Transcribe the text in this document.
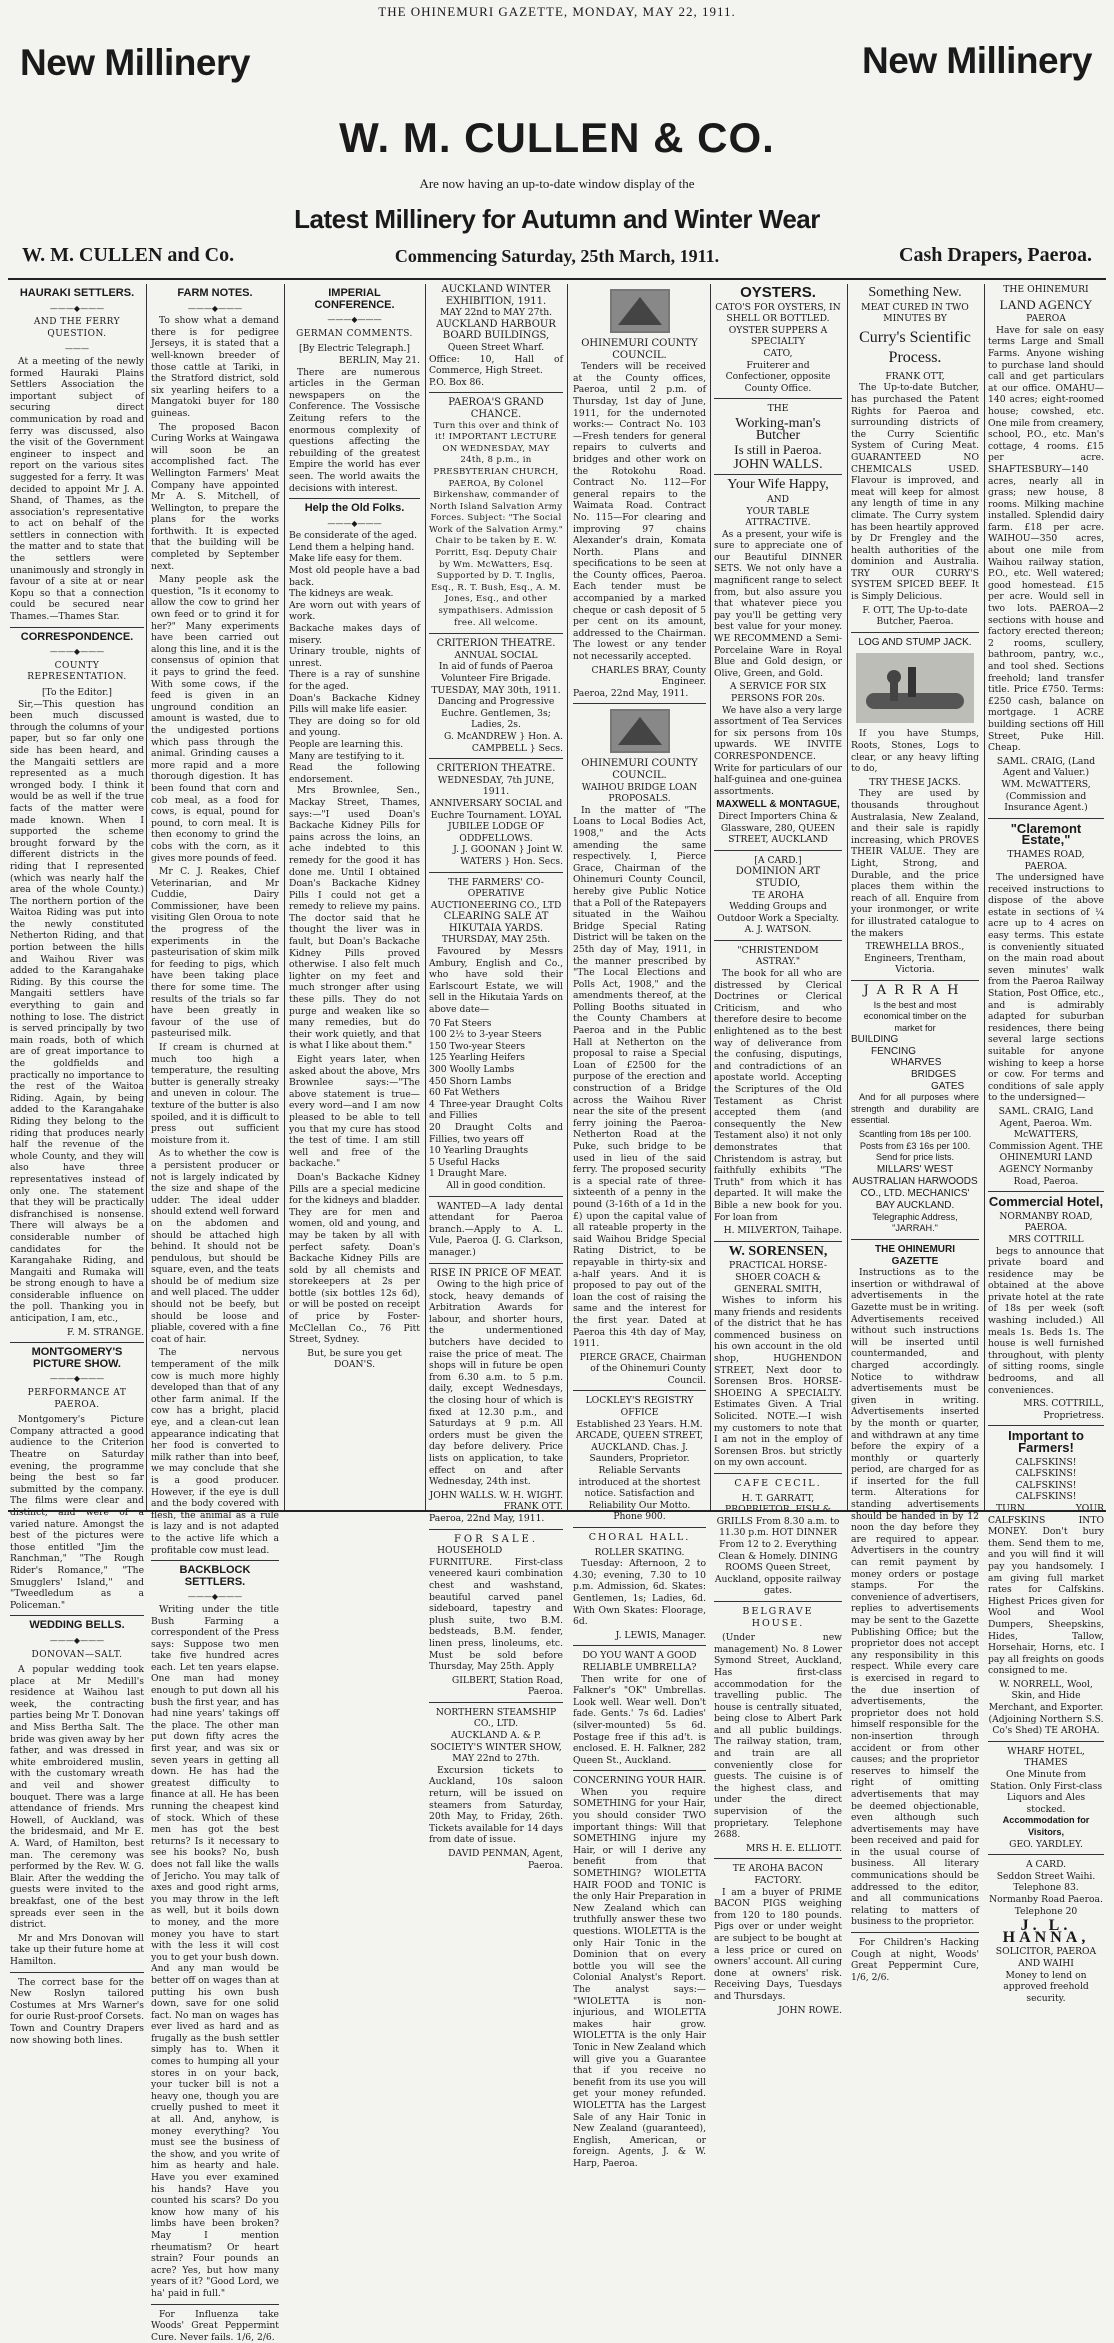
THE OHINEMURI GAZETTE, MONDAY, MAY 22, 1911.
New Millinery	New Millinery
W. M. CULLEN & CO.
Are now having an up-to-date window display of the
Latest Millinery for Autumn and Winter Wear
Commencing Saturday, 25th March, 1911.
W. M. CULLEN and Co.	Cash Drapers, Paeroa.
HAURAKI SETTLERS.
———◆———
AND THE FERRY QUESTION.
———

At a meeting of the newly formed Hauraki Plains Settlers Association the important subject of securing direct communication by road and ferry was discussed, also the visit of the Government engineer to inspect and report on the various sites suggested for a ferry. It was decided to appoint Mr J. A. Shand, of Thames, as the association's representative to act on behalf of the settlers in connection with the matter and to state that the settlers were unanimously and strongly in favour of a site at or near Kopu so that a connection could be secured near Thames.—Thames Star.

CORRESPONDENCE.
———◆———
COUNTY REPRESENTATION.
[To the Editor.]

Sir,—This question has been much discussed through the columns of your paper, but so far only one side has been heard, and the Mangaiti settlers are represented as a much wronged body. I think it would be as well if the true facts of the matter were made known. When I supported the scheme brought forward by the different districts in the riding that I represented (which was nearly half the area of the whole County.) The northern portion of the Waitoa Riding was put into the newly constituted Netherton Riding, and that portion between the hills and Waihou River was added to the Karangahake Riding. By this course the Mangaiti settlers have everything to gain and nothing to lose. The district is served principally by two main roads, both of which are of great importance to the goldfields and practically no importance to the rest of the Waitoa Riding. Again, by being added to the Karangahake Riding they belong to the riding that produces nearly half the revenue of the whole County, and they will also have three representatives instead of only one. The statement that they will be practically disfranchised is nonsense. There will always be a considerable number of candidates for the Karangahake Riding, and Mangaiti and Rumaka will be strong enough to have a considerable influence on the poll. Thanking you in anticipation, I am, etc.,

F. M. STRANGE.
MONTGOMERY'S PICTURE SHOW.
———◆———
PERFORMANCE AT PAEROA.

Montgomery's Picture Company attracted a good audience to the Criterion Theatre on Saturday evening, the programme being the best so far submitted by the company. The films were clear and distinct, and were of a varied nature. Amongst the best of the pictures were those entitled "Jim the Ranchman," "The Rough Rider's Romance," "The Smugglers' Island," and "Tweedledum as a Policeman."

WEDDING BELLS.
———◆———
DONOVAN—SALT.

A popular wedding took place at Mr Medill's residence at Waihou last week, the contracting parties being Mr T. Donovan and Miss Bertha Salt. The bride was given away by her father, and was dressed in white embroidered muslin, with the customary wreath and veil and shower bouquet. There was a large attendance of friends. Mrs Howell, of Auckland, was the bridesmaid, and Mr E. A. Ward, of Hamilton, best man. The ceremony was performed by the Rev. W. G. Blair. After the wedding the guests were invited to the breakfast, one of the best spreads ever seen in the district.

Mr and Mrs Donovan will take up their future home at Hamilton.

The correct base for the New Roslyn tailored Costumes at Mrs Warner's for ourie Rust-proof Corsets. Town and Country Drapers now showing both lines.

FARM NOTES.
———◆———

To show what a demand there is for pedigree Jerseys, it is stated that a well-known breeder of those cattle at Tariki, in the Stratford district, sold six yearling heifers to a Mangatoki buyer for 180 guineas.

The proposed Bacon Curing Works at Waingawa will soon be an accomplished fact. The Wellington Farmers' Meat Company have appointed Mr A. S. Mitchell, of Wellington, to prepare the plans for the works forthwith. It is expected that the building will be completed by September next.

Many people ask the question, "Is it economy to allow the cow to grind her own feed or to grind it for her?" Many experiments have been carried out along this line, and it is the consensus of opinion that it pays to grind the feed. With some cows, if the feed is given in an unground condition an amount is wasted, due to the undigested portions which pass through the animal. Grinding causes a more rapid and a more thorough digestion. It has been found that corn and cob meal, as a food for cows, is equal, pound for pound, to corn meal. It is then economy to grind the cobs with the corn, as it gives more pounds of feed.

Mr C. J. Reakes, Chief Veterinarian, and Mr Cuddie, Dairy Commissioner, have been visiting Glen Oroua to note the progress of the experiments in the pasteurisation of skim milk for feeding to pigs, which have been taking place there for some time. The results of the trials so far have been greatly in favour of the use of pasteurised milk.

If cream is churned at much too high a temperature, the resulting butter is generally streaky and uneven in colour. The texture of the butter is also spoiled, and it is difficult to press out sufficient moisture from it.

As to whether the cow is a persistent producer or not is largely indicated by the size and shape of the udder. The ideal udder should extend well forward on the abdomen and should be attached high behind. It should not be pendulous, but should be square, even, and the teats should be of medium size and well placed. The udder should not be beefy, but should be loose and pliable, covered with a fine coat of hair.

The nervous temperament of the milk cow is much more highly developed than that of any other farm animal. If the cow has a bright, placid eye, and a clean-cut lean appearance indicating that her food is converted to milk rather than into beef, we may conclude that she is a good producer. However, if the eye is dull and the body covered with flesh, the animal as a rule is lazy and is not adapted to the active life which a profitable cow must lead.

BACKBLOCK SETTLERS.
———◆———

Writing under the title Bush Farming a correspondent of the Press says: Suppose two men take five hundred acres each. Let ten years elapse. One man had money enough to put down all his bush the first year, and has had nine years' takings off the place. The other man put down fifty acres the first year, and was six or seven years in getting all down. He has had the greatest difficulty to finance at all. He has been running the cheapest kind of stock. Which of these men has got the best returns? Is it necessary to see his books? No, bush does not fall like the walls of Jericho. You may talk of axes and good right arms, you may throw in the left as well, but it boils down to money, and the more money you have to start with the less it will cost you to get your bush down. And any man would be better off on wages than at putting his own bush down, save for one solid fact. No man on wages has ever lived as hard and as frugally as the bush settler simply has to. When it comes to humping all your stores in on your back, your tucker bill is not a heavy one, though you are cruelly pushed to meet it at all. And, anyhow, is money everything? You must see the business of the show, and you write of him as hearty and hale. Have you ever examined his hands? Have you counted his scars? Do you know how many of his limbs have been broken? May I mention rheumatism? Or heart strain? Four pounds an acre? Yes, but how many years of it? "Good Lord, we ha' paid in full."

For Influenza take Woods' Great Peppermint Cure. Never fails. 1/6, 2/6.

IMPERIAL CONFERENCE.
———◆———
GERMAN COMMENTS.
[By Electric Telegraph.]
BERLIN, May 21.

There are numerous articles in the German newspapers on the Conference. The Vossische Zeitung refers to the enormous complexity of questions affecting the rebuilding of the greatest Empire the world has ever seen. The world awaits the decisions with interest.

Help the Old Folks.
———◆———
Be considerate of the aged.
Lend them a helping hand.
Make life easy for them.
Most old people have a bad back.
The kidneys are weak.
Are worn out with years of work.
Backache makes days of misery.
Urinary trouble, nights of unrest.
There is a ray of sunshine for the aged.
Doan's Backache Kidney Pills will make life easier.
They are doing so for old and young.
People are learning this.
Many are testifying to it.
Read the following endorsement.

Mrs Brownlee, Sen., Mackay Street, Thames, says:—"I used Doan's Backache Kidney Pills for pains across the loins, an ache indebted to this remedy for the good it has done me. Until I obtained Doan's Backache Kidney Pills I could not get a remedy to relieve my pains. The doctor said that he thought the liver was in fault, but Doan's Backache Kidney Pills proved otherwise. I also felt much lighter on my feet and much stronger after using these pills. They do not purge and weaken like so many remedies, but do their work quietly, and that is what I like about them."

Eight years later, when asked about the above, Mrs Brownlee says:—"The above statement is true—every word—and I am now pleased to be able to tell you that my cure has stood the test of time. I am still well and free of the backache."

Doan's Backache Kidney Pills are a special medicine for the kidneys and bladder. They are for men and women, old and young, and may be taken by all with perfect safety. Doan's Backache Kidney Pills are sold by all chemists and storekeepers at 2s per bottle (six bottles 12s 6d), or will be posted on receipt of price by Foster-McClellan Co., 76 Pitt Street, Sydney.

But, be sure you get DOAN'S.

AUCKLAND WINTER EXHIBITION, 1911.
MAY 22nd to MAY 27th.
AUCKLAND HARBOUR BOARD BUILDINGS,
Queen Street Wharf.
Office: 10, Hall of Commerce, High Street.
P.O. Box 86.
PAEROA'S GRAND CHANCE.
Turn this over and think of it! IMPORTANT LECTURE ON WEDNESDAY, MAY 24th, 8 p.m., in PRESBYTERIAN CHURCH, PAEROA, By Colonel Birkenshaw, commander of North Island Salvation Army Forces. Subject: "The Social Work of the Salvation Army." Chair to be taken by E. W. Porritt, Esq. Deputy Chair by Wm. McWatters, Esq. Supported by D. T. Inglis, Esq., R. T. Bush, Esq., A. M. Jones, Esq., and other sympathisers. Admission free. All welcome.
CRITERION THEATRE.
ANNUAL SOCIAL
In aid of funds of Paeroa Volunteer Fire Brigade.
TUESDAY, MAY 30th, 1911.
Dancing and Progressive Euchre. Gentlemen, 3s; Ladies, 2s.
G. McANDREW } Hon. A. CAMPBELL } Secs.
CRITERION THEATRE.
WEDNESDAY, 7th JUNE, 1911.
ANNIVERSARY SOCIAL and Euchre Tournament. LOYAL JUBILEE LODGE OF ODDFELLOWS.
J. J. GOONAN } Joint W. WATERS } Hon. Secs.
THE FARMERS' CO-OPERATIVE AUCTIONEERING CO., LTD
CLEARING SALE AT HIKUTAIA YARDS.
THURSDAY, MAY 25th.

Favoured by Messrs Ambury, English and Co., who have sold their Earlscourt Estate, we will sell in the Hikutaia Yards on above date—

70 Fat Steers
100 2½ to 3-year Steers
150 Two-year Steers
125 Yearling Heifers
300 Woolly Lambs
450 Shorn Lambs
60 Fat Wethers
4 Three-year Draught Colts and Fillies
20 Draught Colts and Fillies, two years off
10 Yearling Draughts
5 Useful Hacks
1 Draught Mare.
All in good condition.

WANTED—A lady dental attendant for Paeroa branch.—Apply to A. L. Vule, Paeroa (J. G. Clarkson, manager.)

RISE IN PRICE OF MEAT.

Owing to the high price of stock, heavy demands of Arbitration Awards for labour, and shorter hours, the undermentioned butchers have decided to raise the price of meat. The shops will in future be open from 6.30 a.m. to 5 p.m. daily, except Wednesdays, the closing hour of which is fixed at 12.30 p.m., and Saturdays at 9 p.m. All orders must be given the day before delivery. Price lists on application, to take effect on and after Wednesday, 24th inst.

JOHN WALLS. W. H. WIGHT. FRANK OTT.
Paeroa, 22nd May, 1911.
FOR SALE.

HOUSEHOLD FURNITURE. First-class veneered kauri combination chest and washstand, beautiful carved panel sideboard, tapestry and plush suite, two B.M. bedsteads, B.M. fender, linen press, linoleums, etc. Must be sold before Thursday, May 25th. Apply

GILBERT, Station Road, Paeroa.
NORTHERN STEAMSHIP CO., LTD.
AUCKLAND A. & P. SOCIETY'S WINTER SHOW, MAY 22nd to 27th.

Excursion tickets to Auckland, 10s saloon return, will be issued on steamers from Saturday, 20th May, to Friday, 26th. Tickets available for 14 days from date of issue.

DAVID PENMAN, Agent, Paeroa.
OHINEMURI COUNTY COUNCIL.

Tenders will be received at the County offices, Paeroa, until 2 p.m. of Thursday, 1st day of June, 1911, for the undernoted works:— Contract No. 103—Fresh tenders for general repairs to culverts and bridges and other work on the Rotokohu Road. Contract No. 112—For general repairs to the Waimata Road. Contract No. 115—For clearing and improving 97 chains Alexander's drain, Komata North. Plans and specifications to be seen at the County offices, Paeroa. Each tender must be accompanied by a marked cheque or cash deposit of 5 per cent on its amount, addressed to the Chairman. The lowest or any tender not necessarily accepted.

CHARLES BRAY, County Engineer.
Paeroa, 22nd May, 1911.
OHINEMURI COUNTY COUNCIL.
WAIHOU BRIDGE LOAN PROPOSALS.

In the matter of "The Loans to Local Bodies Act, 1908," and the Acts amending the same respectively. I, Pierce Grace, Chairman of the Ohinemuri County Council, hereby give Public Notice that a Poll of the Ratepayers situated in the Waihou Bridge Special Rating District will be taken on the 25th day of May, 1911, in the manner prescribed by "The Local Elections and Polls Act, 1908," and the amendments thereof, at the Polling Booths situated in the County Chambers at Paeroa and in the Public Hall at Netherton on the proposal to raise a Special Loan of £2500 for the purpose of the erection and construction of a Bridge across the Waihou River near the site of the present ferry joining the Paeroa-Netherton Road at the Puke, such bridge to be used in lieu of the said ferry. The proposed security is a special rate of three-sixteenth of a penny in the pound (3-16th of a 1d in the £) upon the capital value of all rateable property in the said Waihou Bridge Special Rating District, to be repayable in thirty-six and a-half years. And it is proposed to pay out of the loan the cost of raising the same and the interest for the first year. Dated at Paeroa this 4th day of May, 1911.

PIERCE GRACE, Chairman of the Ohinemuri County Council.
LOCKLEY'S REGISTRY OFFICE
Established 23 Years. H.M. ARCADE, QUEEN STREET, AUCKLAND. Chas. J. Saunders, Proprietor. Reliable Servants introduced at the shortest notice. Satisfaction and Reliability Our Motto. Phone 900.
CHORAL HALL.
ROLLER SKATING.

Tuesday: Afternoon, 2 to 4.30; evening, 7.30 to 10 p.m. Admission, 6d. Skates: Gentlemen, 1s; Ladies, 6d. With Own Skates: Floorage, 6d.

J. LEWIS, Manager.
DO YOU WANT A GOOD RELIABLE UMBRELLA?

Then write for one of Falkner's "OK" Umbrellas. Look well. Wear well. Don't fade. Gents.' 7s 6d. Ladies' (silver-mounted) 5s 6d. Postage free if this ad't. is enclosed. E. H. Falkner, 282 Queen St., Auckland.

CONCERNING YOUR HAIR.

When you require SOMETHING for your Hair, you should consider TWO important things: Will that SOMETHING injure my Hair, or will I derive any benefit from that SOMETHING? WIOLETTA HAIR FOOD and TONIC is the only Hair Preparation in New Zealand which can truthfully answer these two questions. WIOLETTA is the only Hair Tonic in the Dominion that on every bottle you will see the Colonial Analyst's Report. The analyst says:— "WIOLETTA is non-injurious, and WIOLETTA makes hair grow. WIOLETTA is the only Hair Tonic in New Zealand which will give you a Guarantee that if you receive no benefit from its use you will get your money refunded. WIOLETTA has the Largest Sale of any Hair Tonic in New Zealand (guaranteed), English, American, or foreign. Agents, J. & W. Harp, Paeroa.

OYSTERS.
CATO'S FOR OYSTERS, IN SHELL OR BOTTLED. OYSTER SUPPERS A SPECIALTY
CATO,
Fruiterer and Confectioner, opposite County Office.
THE
Working-man's Butcher
Is still in Paeroa.
JOHN WALLS.
Your Wife Happy,
AND
YOUR TABLE ATTRACTIVE.

As a present, your wife is sure to appreciate one of our Beautiful DINNER SETS. We not only have a magnificent range to select from, but also assure you that whatever piece you pay you'll be getting very best value for your money. WE RECOMMEND a Semi-Porcelaine Ware in Royal Blue and Gold design, or Olive, Green, and Gold.

A SERVICE FOR SIX PERSONS FOR 20s.

We have also a very large assortment of Tea Services for six persons from 10s upwards. WE INVITE CORRESPONDENCE. Write for particulars of our half-guinea and one-guinea assortments.

MAXWELL & MONTAGUE,
Direct Importers China & Glassware, 280, QUEEN STREET, AUCKLAND
[A CARD.]
DOMINION ART STUDIO,
TE AROHA
Wedding Groups and Outdoor Work a Specialty.
A. J. WATSON.
"CHRISTENDOM ASTRAY."

The book for all who are distressed by Clerical Doctrines or Clerical Criticism, and who therefore desire to become enlightened as to the best way of deliverance from the confusing, disputings, and contradictions of an apostate world. Accepting the Scriptures of the Old Testament as Christ accepted them (and consequently the New Testament also) it not only demonstrates that Christendom is astray, but faithfully exhibits "The Truth" from which it has departed. It will make the Bible a new book for you. For loan from

H. MILVERTON, Taihape.
W. SORENSEN,
PRACTICAL HORSE-SHOER COACH & GENERAL SMITH,

Wishes to inform his many friends and residents of the district that he has commenced business on his own account in the old shop, HUGHENDON STREET, Next door to Sorensen Bros. HORSE-SHOEING A SPECIALTY. Estimates Given. A Trial Solicited. NOTE.—I wish my customers to note that I am not in the employ of Sorensen Bros. but strictly on my own account.

CAFE CECIL.
H. T. GARRATT, PROPRIETOR. FISH & GRILLS From 8.30 a.m. to 11.30 p.m. HOT DINNER From 12 to 2. Everything Clean & Homely. DINING ROOMS Queen Street, Auckland, opposite railway gates.
BELGRAVE HOUSE.

(Under new management) No. 8 Lower Symond Street, Auckland, Has first-class accommodation for the travelling public. The house is centrally situated, being close to Albert Park and all public buildings. The railway station, tram, and train are all conveniently close for guests. The cuisine is of the highest class, and under the direct supervision of the proprietary. Telephone 2688.

MRS H. E. ELLIOTT.
TE AROHA BACON FACTORY.

I am a buyer of PRIME BACON PIGS weighing from 120 to 180 pounds. Pigs over or under weight are subject to be bought at a less price or cured on owners' account. All curing done at owners' risk. Receiving Days, Tuesdays and Thursdays.

JOHN ROWE.
Something New.
MEAT CURED IN TWO MINUTES BY
Curry's Scientific Process.
FRANK OTT,

The Up-to-date Butcher, has purchased the Patent Rights for Paeroa and surrounding districts of the Curry Scientific System of Curing Meat. GUARANTEED NO CHEMICALS USED. Flavour is improved, and meat will keep for almost any length of time in any climate. The Curry system has been heartily approved by Dr Frengley and the health authorities of the dominion and Australia. TRY OUR CURRY'S SYSTEM SPICED BEEF. It is Simply Delicious.

F. OTT, The Up-to-date Butcher, Paeroa.
LOG AND STUMP JACK.

If you have Stumps, Roots, Stones, Logs to clear, or any heavy lifting to do,

TRY THESE JACKS.

They are used by thousands throughout Australasia, New Zealand, and their sale is rapidly increasing, which PROVES THEIR VALUE. They are Light, Strong, and Durable, and the price places them within the reach of all. Enquire from your ironmonger, or write for illustrated catalogue to the makers

TREWHELLA BROS., Engineers, Trentham, Victoria.
JARRAH
Is the best and most economical timber on the market for
BUILDING
FENCING
WHARVES
BRIDGES
GATES

And for all purposes where strength and durability are essential.

Scantling from 18s per 100.
Posts from £3 16s per 100.
Send for price lists.
MILLARS' WEST AUSTRALIAN HARWOODS CO., LTD. MECHANICS' BAY AUCKLAND.
Telegraphic Address, "JARRAH."
THE OHINEMURI GAZETTE

Instructions as to the insertion or withdrawal of advertisements in the Gazette must be in writing. Advertisements received without such instructions will be inserted until countermanded, and charged accordingly. Notice to withdraw advertisements must be given in writing. Advertisements inserted by the month or quarter, and withdrawn at any time before the expiry of a monthly or quarterly period, are charged for as if inserted for the full term. Alterations for standing advertisements should be handed in by 12 noon the day before they are required to appear. Advertisers in the country can remit payment by money orders or postage stamps. For the convenience of advertisers, replies to advertisements may be sent to the Gazette Publishing Office; but the proprietor does not accept any responsibility in this respect. While every care is exercised in regard to the due insertion of advertisements, the proprietor does not hold himself responsible for the non-insertion through accident or from other causes; and the proprietor reserves to himself the right of omitting advertisements that may be deemed objectionable, even although such advertisements may have been received and paid for in the usual course of business. All literary communications should be addressed to the editor, and all communications relating to matters of business to the proprietor.

For Children's Hacking Cough at night, Woods' Great Peppermint Cure, 1/6, 2/6.

THE OHINEMURI
LAND AGENCY
PAEROA

Have for sale on easy terms Large and Small Farms. Anyone wishing to purchase land should call and get particulars at our office. OMAHU—140 acres; eight-roomed house; cowshed, etc. One mile from creamery, school, P.O., etc. Man's cottage, 4 rooms. £15 per acre. SHAFTESBURY—140 acres, nearly all in grass; new house, 8 rooms. Milking machine installed. Splendid dairy farm. £18 per acre. WAIHOU—350 acres, about one mile from Waihou railway station, P.O., etc. Well watered; good homestead. £15 per acre. Would sell in two lots. PAEROA—2 sections with house and factory erected thereon; 2 rooms, scullery, bathroom, pantry, w.c., and tool shed. Sections freehold; land transfer title. Price £750. Terms: £250 cash, balance on mortgage. 1 ACRE building sections off Hill Street, Puke Hill. Cheap.

SAML. CRAIG, (Land Agent and Valuer.)
WM. McWATTERS, (Commission and Insurance Agent.)
"Claremont Estate,"
THAMES ROAD, PAEROA.

The undersigned have received instructions to dispose of the above estate in sections of ¼ acre up to 4 acres on easy terms. This estate is conveniently situated on the main road about seven minutes' walk from the Paeroa Railway Station, Post Office, etc., and is admirably adapted for suburban residences, there being several large sections suitable for anyone wishing to keep a horse or cow. For terms and conditions of sale apply to the undersigned—

SAML. CRAIG, Land Agent, Paeroa. Wm. McWATTERS, Commission Agent. THE OHINEMURI LAND AGENCY Normanby Road, Paeroa.
Commercial Hotel,
NORMANBY ROAD, PAEROA.
MRS COTTRILL

begs to announce that private board and residence may be obtained at the above private hotel at the rate of 18s per week (soft washing included.) All meals 1s. Beds 1s. The house is well furnished throughout, with plenty of sitting rooms, single bedrooms, and all conveniences.

MRS. COTTRILL, Proprietress.
Important to Farmers!
CALFSKINS! CALFSKINS! CALFSKINS! CALFSKINS!

TURN YOUR CALFSKINS INTO MONEY. Don't bury them. Send them to me, and you will find it will pay you handsomely. I am giving full market rates for Calfskins. Highest Prices given for Wool and Wool Dumpers, Sheepskins, Hides, Tallow, Horsehair, Horns, etc. I pay all freights on goods consigned to me.

W. NORRELL, Wool, Skin, and Hide Merchant, and Exporter. (Adjoining Northern S.S. Co's Shed) TE AROHA.
WHARF HOTEL, THAMES
One Minute from Station. Only First-class Liquors and Ales stocked.
Accommodation for Visitors,
GEO. YARDLEY.
A CARD.
Seddon Street Waihi. Telephone 83. Normanby Road Paeroa. Telephone 20
J. L. HANNA,
SOLICITOR, PAEROA AND WAIHI
Money to lend on approved freehold security.
